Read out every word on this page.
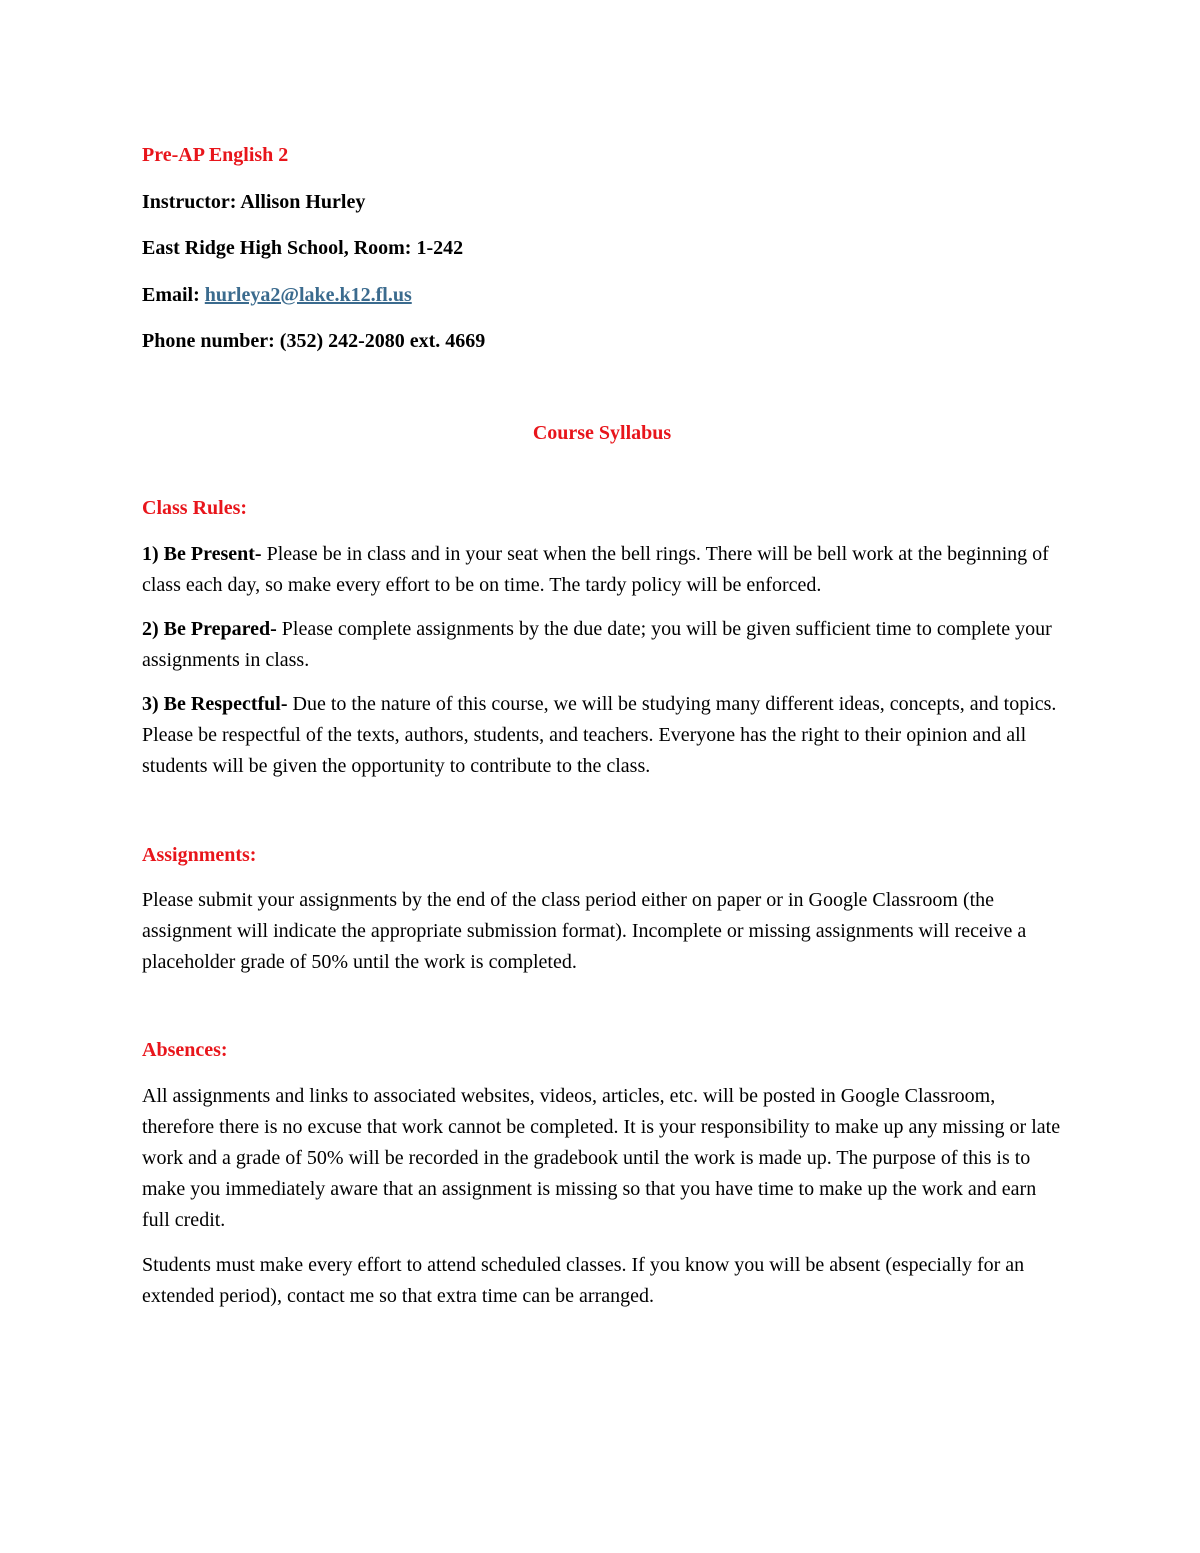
Pre-AP English 2

Instructor: Allison Hurley

East Ridge High School, Room: 1-242

Email: hurleya2@lake.k12.fl.us

Phone number: (352) 242-2080 ext. 4669

Course Syllabus

Class Rules:

1) Be Present- Please be in class and in your seat when the bell rings. There will be bell work at the beginning of class each day, so make every effort to be on time. The tardy policy will be enforced.

2) Be Prepared- Please complete assignments by the due date; you will be given sufficient time to complete your assignments in class.

3) Be Respectful- Due to the nature of this course, we will be studying many different ideas, concepts, and topics. Please be respectful of the texts, authors, students, and teachers. Everyone has the right to their opinion and all students will be given the opportunity to contribute to the class.

Assignments:

Please submit your assignments by the end of the class period either on paper or in Google Classroom (the assignment will indicate the appropriate submission format). Incomplete or missing assignments will receive a placeholder grade of 50% until the work is completed.

Absences:

All assignments and links to associated websites, videos, articles, etc. will be posted in Google Classroom, therefore there is no excuse that work cannot be completed. It is your responsibility to make up any missing or late work and a grade of 50% will be recorded in the gradebook until the work is made up. The purpose of this is to make you immediately aware that an assignment is missing so that you have time to make up the work and earn full credit.

Students must make every effort to attend scheduled classes. If you know you will be absent (especially for an extended period), contact me so that extra time can be arranged.
